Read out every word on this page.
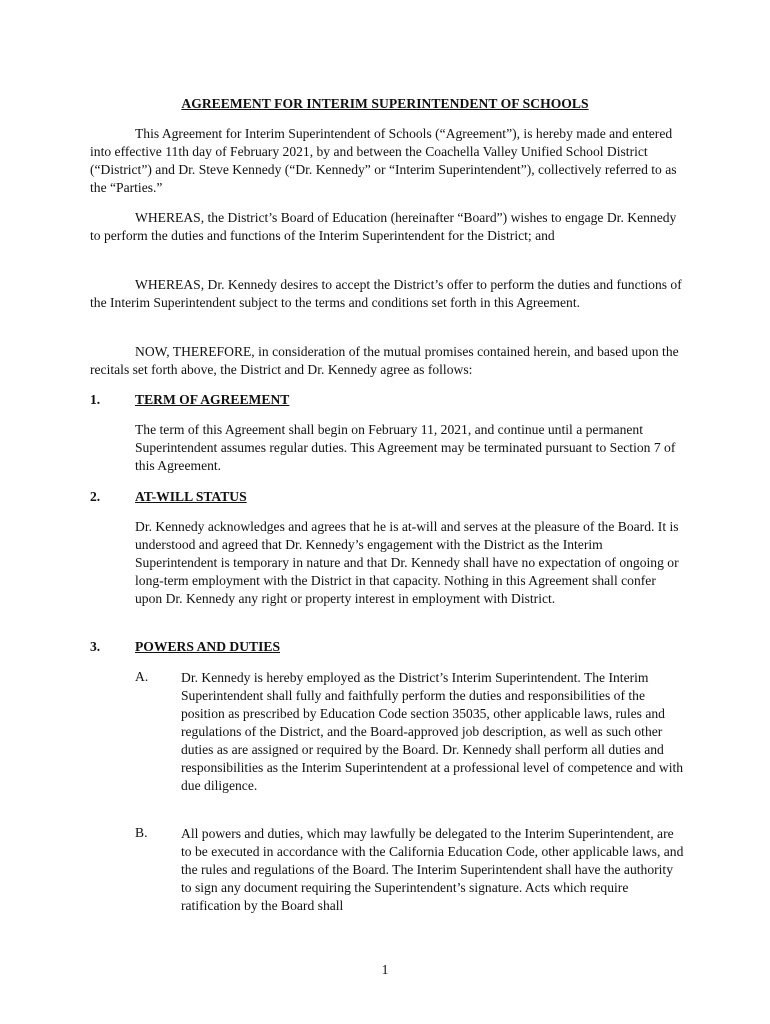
AGREEMENT FOR INTERIM SUPERINTENDENT OF SCHOOLS

This Agreement for Interim Superintendent of Schools (“Agreement”), is hereby made and entered into effective 11th day of February 2021, by and between the Coachella Valley Unified School District (“District”) and Dr. Steve Kennedy (“Dr. Kennedy” or “Interim Superintendent”), collectively referred to as the “Parties.”

WHEREAS, the District’s Board of Education (hereinafter “Board”) wishes to engage Dr. Kennedy to perform the duties and functions of the Interim Superintendent for the District; and

WHEREAS, Dr. Kennedy desires to accept the District’s offer to perform the duties and functions of the Interim Superintendent subject to the terms and conditions set forth in this Agreement.

NOW, THEREFORE, in consideration of the mutual promises contained herein, and based upon the recitals set forth above, the District and Dr. Kennedy agree as follows:

1.	TERM OF AGREEMENT

The term of this Agreement shall begin on February 11, 2021, and continue until a permanent Superintendent assumes regular duties. This Agreement may be terminated pursuant to Section 7 of this Agreement.

2.	AT-WILL STATUS

Dr. Kennedy acknowledges and agrees that he is at-will and serves at the pleasure of the Board. It is understood and agreed that Dr. Kennedy’s engagement with the District as the Interim Superintendent is temporary in nature and that Dr. Kennedy shall have no expectation of ongoing or long-term employment with the District in that capacity. Nothing in this Agreement shall confer upon Dr. Kennedy any right or property interest in employment with District.

3.	POWERS AND DUTIES
A. Dr. Kennedy is hereby employed as the District’s Interim Superintendent. The Interim Superintendent shall fully and faithfully perform the duties and responsibilities of the position as prescribed by Education Code section 35035, other applicable laws, rules and regulations of the District, and the Board-approved job description, as well as such other duties as are assigned or required by the Board. Dr. Kennedy shall perform all duties and responsibilities as the Interim Superintendent at a professional level of competence and with due diligence.

B. All powers and duties, which may lawfully be delegated to the Interim Superintendent, are to be executed in accordance with the California Education Code, other applicable laws, and the rules and regulations of the Board. The Interim Superintendent shall have the authority to sign any document requiring the Superintendent’s signature. Acts which require ratification by the Board shall

1
